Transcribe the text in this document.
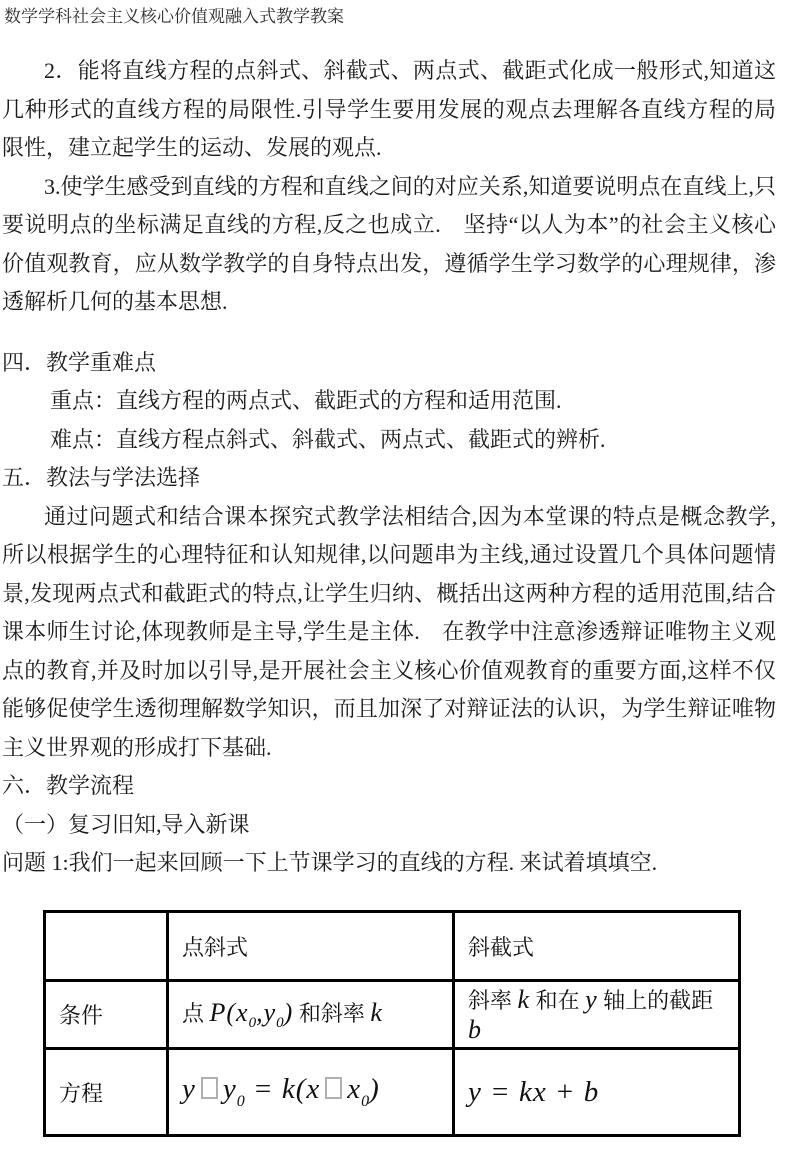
数学学科社会主义核心价值观融入式教学教案

2．能将直线方程的点斜式、斜截式、两点式、截距式化成一般形式,知道这几种形式的直线方程的局限性.引导学生要用发展的观点去理解各直线方程的局限性，建立起学生的运动、发展的观点.

3.使学生感受到直线的方程和直线之间的对应关系,知道要说明点在直线上,只要说明点的坐标满足直线的方程,反之也成立.　坚持“以人为本”的社会主义核心价值观教育，应从数学教学的自身特点出发，遵循学生学习数学的心理规律，渗透解析几何的基本思想.

四．教学重难点

重点：直线方程的两点式、截距式的方程和适用范围.

难点：直线方程点斜式、斜截式、两点式、截距式的辨析.

五．教法与学法选择

通过问题式和结合课本探究式教学法相结合,因为本堂课的特点是概念教学,所以根据学生的心理特征和认知规律,以问题串为主线,通过设置几个具体问题情景,发现两点式和截距式的特点,让学生归纳、概括出这两种方程的适用范围,结合课本师生讨论,体现教师是主导,学生是主体.　在教学中注意渗透辩证唯物主义观点的教育,并及时加以引导,是开展社会主义核心价值观教育的重要方面,这样不仅能够促使学生透彻理解数学知识，而且加深了对辩证法的认识，为学生辩证唯物主义世界观的形成打下基础.

六．教学流程

（一）复习旧知,导入新课

问题 1:我们一起来回顾一下上节课学习的直线的方程. 来试着填填空.

	点斜式	斜截式
条件	点 $P(x_0,y_0)$ 和斜率 k	斜率 k 和在 y 轴上的截距 b
方程	y $y_0 = k(x$ $x_0$)	y = kx + b
